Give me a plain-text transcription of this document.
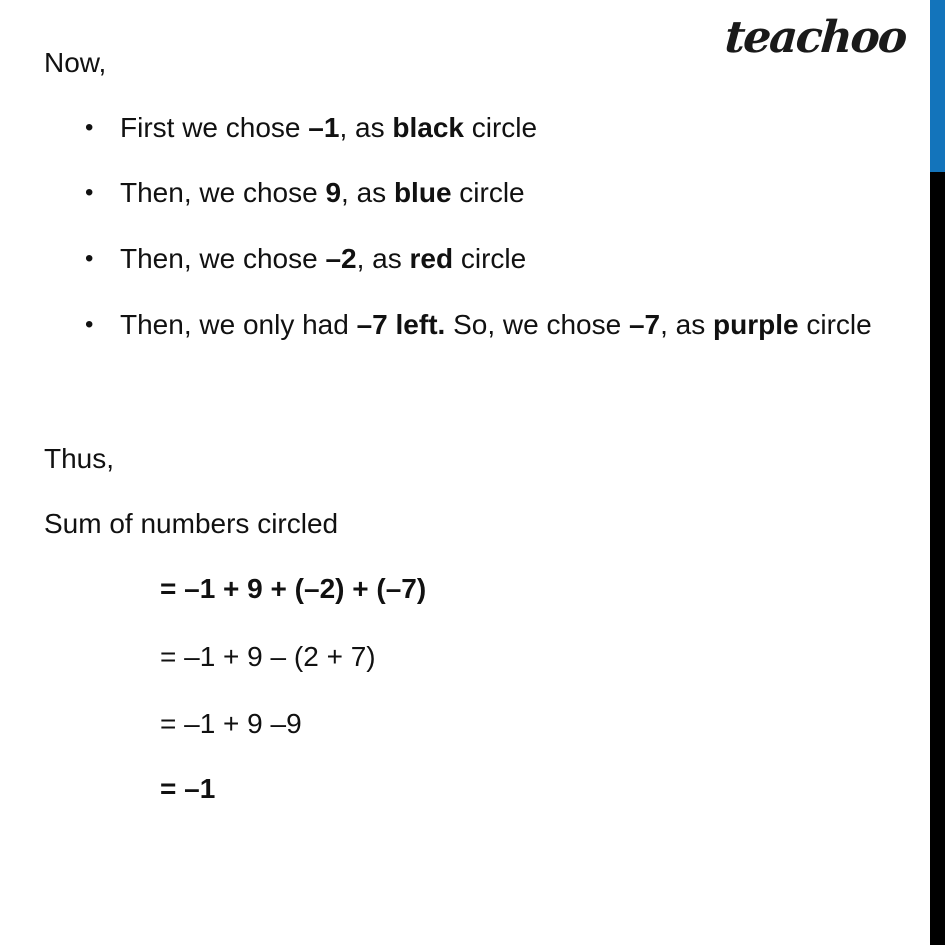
teachoo
Now,
• First we chose –1, as black circle
• Then, we chose 9, as blue circle
• Then, we chose –2, as red circle
• Then, we only had –7 left. So, we chose –7, as purple circle
Thus,
Sum of numbers circled
= –1 + 9 + (–2) + (–7)
= –1 + 9 – (2 + 7)
= –1 + 9 –9
= –1
